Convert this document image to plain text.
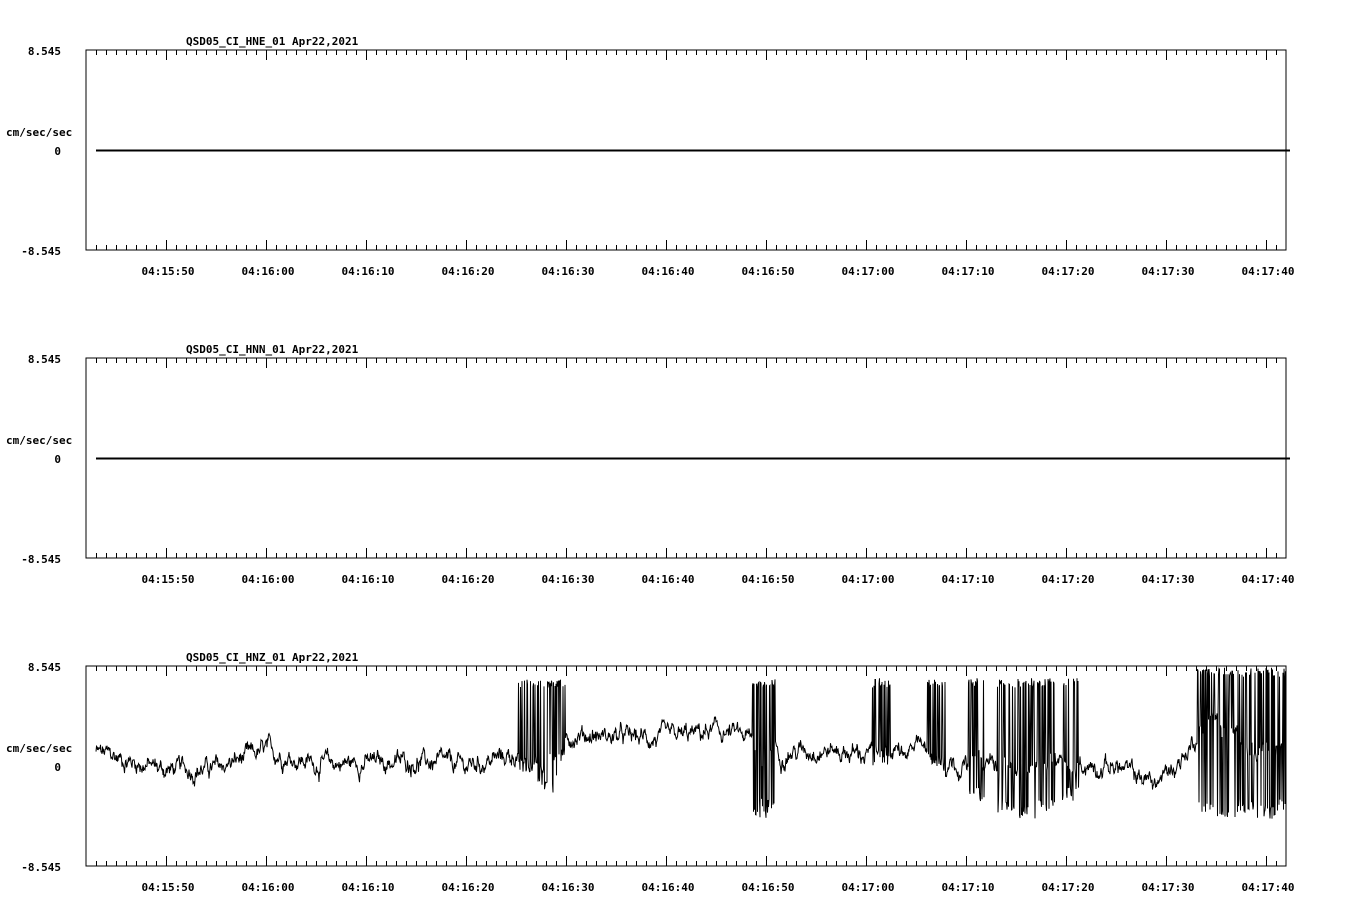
QSD05_CI_HNE_01 Apr22,2021
cm/sec/sec
8.545
0
-8.545
04:15:50	04:16:00	04:16:10	04:16:20	04:16:30	04:16:40	04:16:50	04:17:00	04:17:10	04:17:20	04:17:30	04:17:40
QSD05_CI_HNN_01 Apr22,2021
cm/sec/sec
8.545
0
-8.545
04:15:50	04:16:00	04:16:10	04:16:20	04:16:30	04:16:40	04:16:50	04:17:00	04:17:10	04:17:20	04:17:30	04:17:40
QSD05_CI_HNZ_01 Apr22,2021
cm/sec/sec
8.545
0
-8.545
04:15:50	04:16:00	04:16:10	04:16:20	04:16:30	04:16:40	04:16:50	04:17:00	04:17:10	04:17:20	04:17:30	04:17:40
